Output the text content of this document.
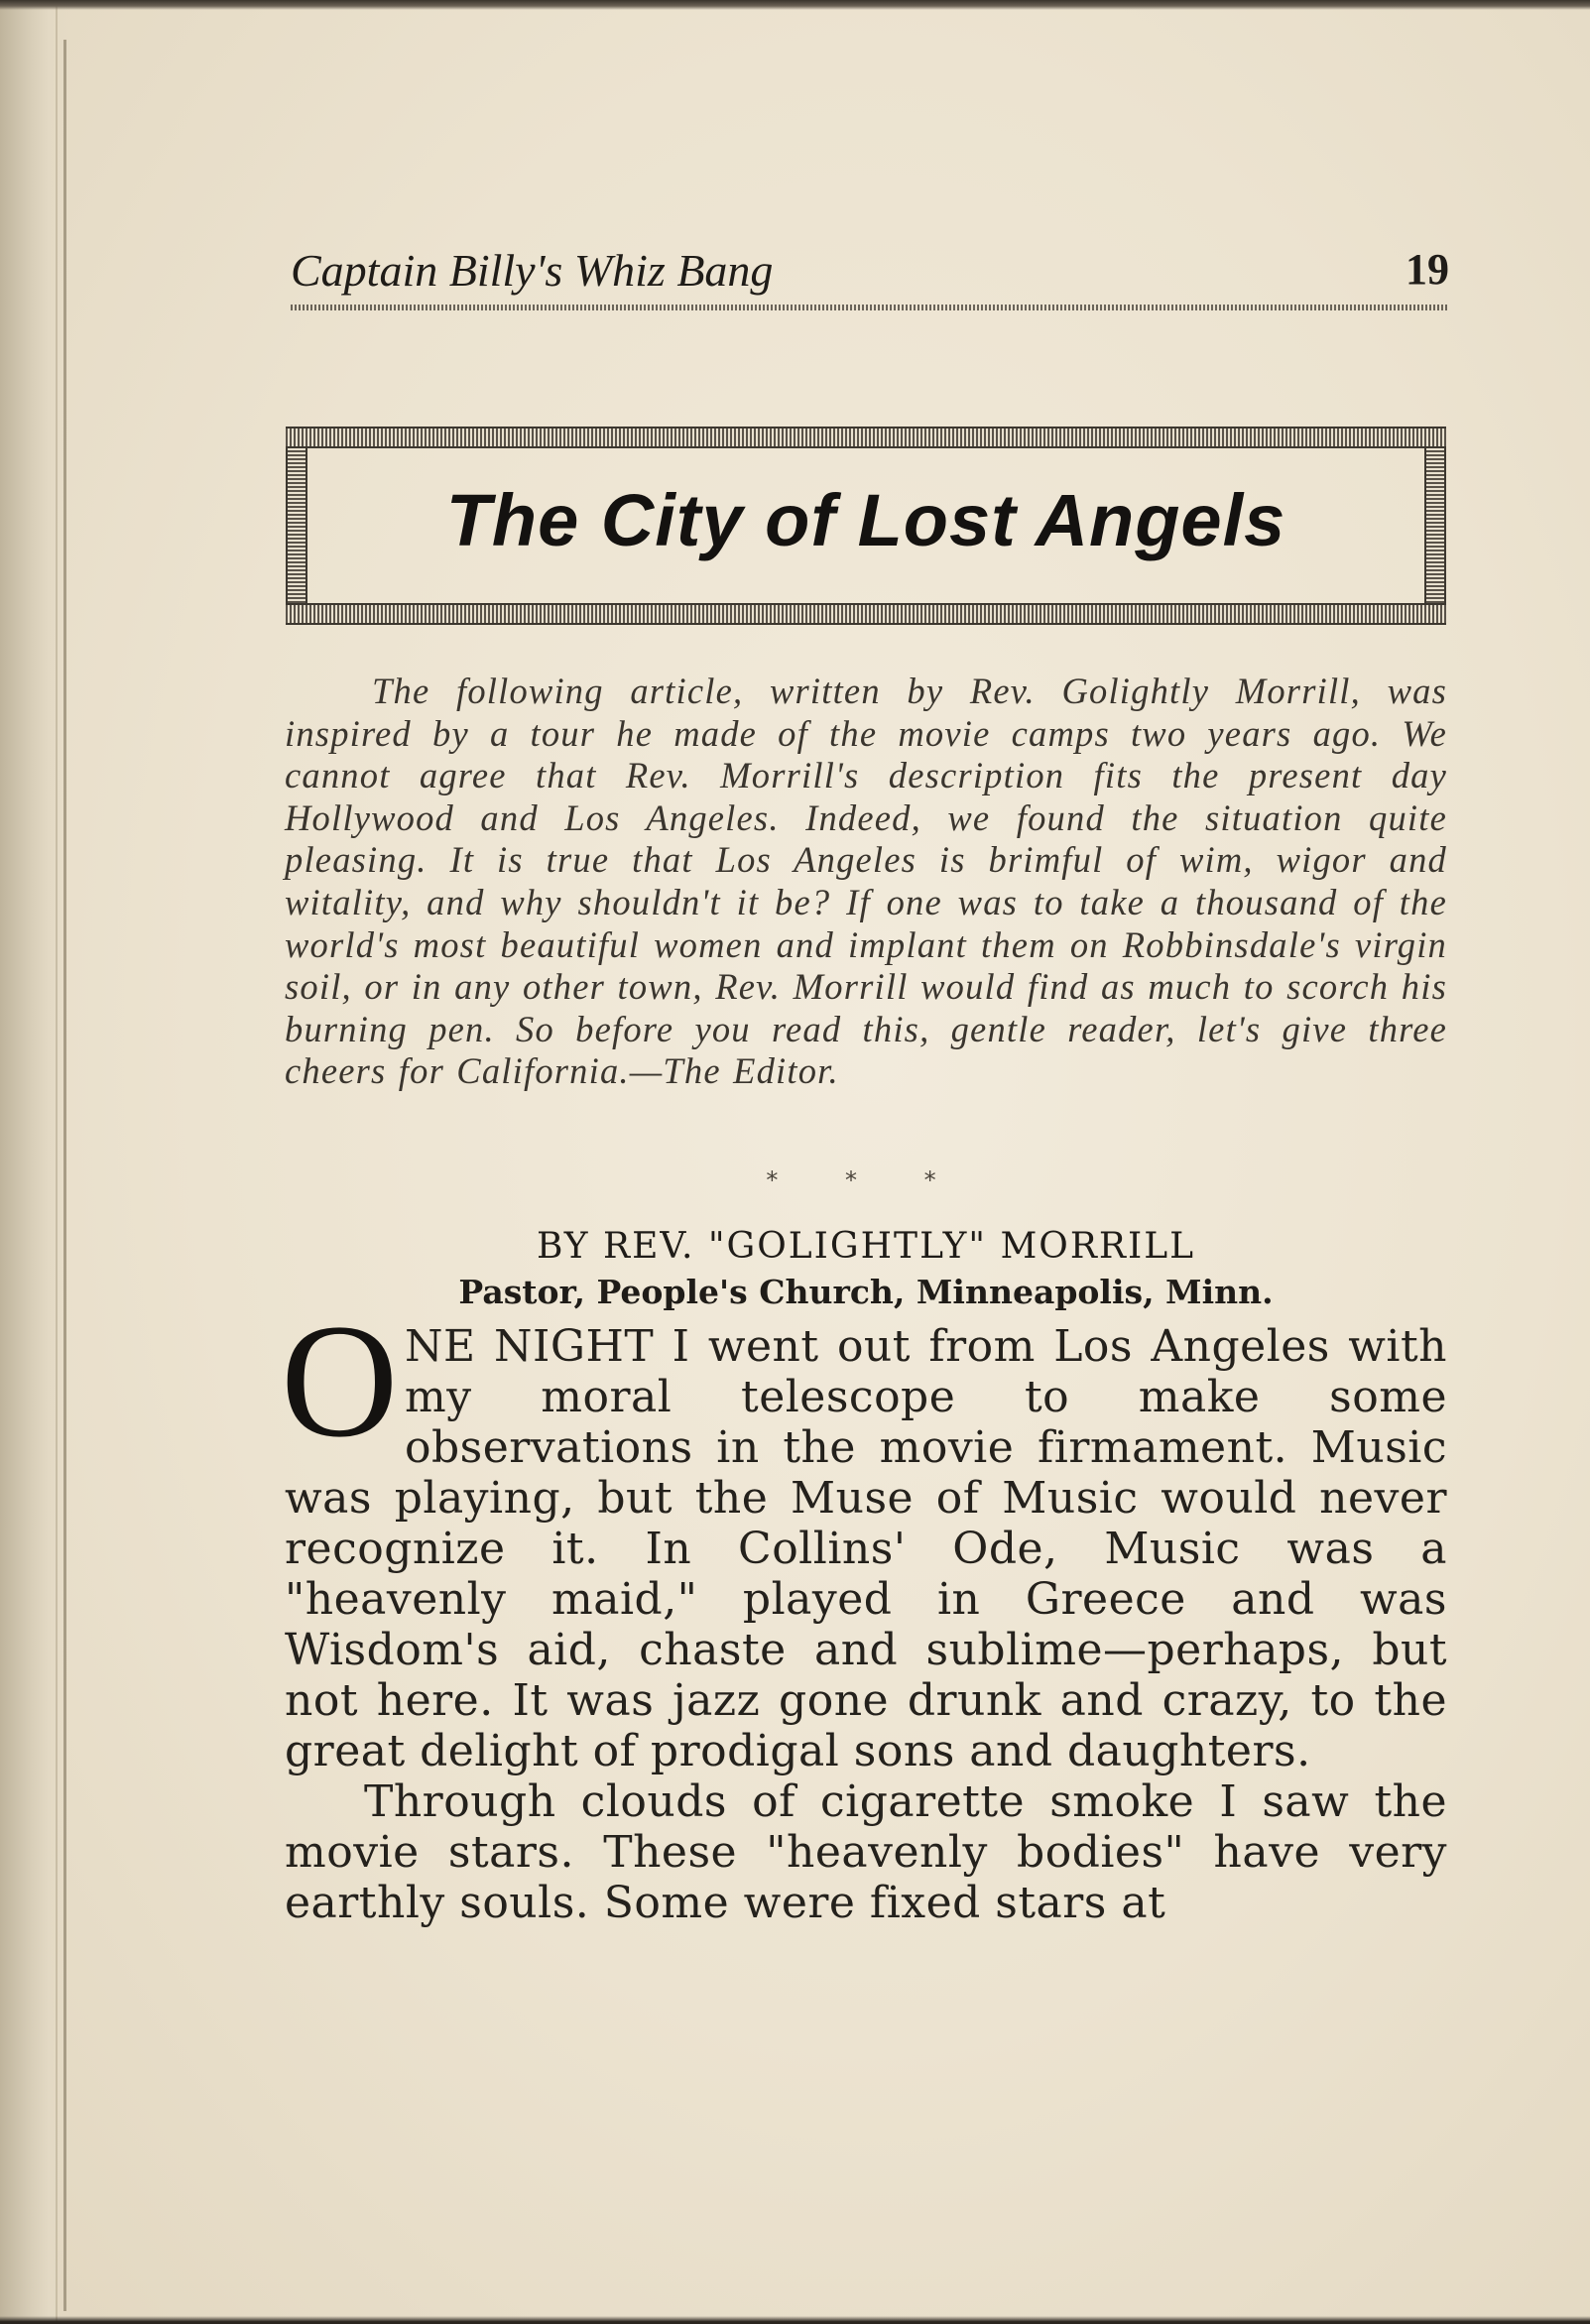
Captain Billy's Whiz Bang	19
The City of Lost Angels
The following article, written by Rev. Golightly Morrill, was inspired by a tour he made of the movie camps two years ago. We cannot agree that Rev. Morrill's description fits the present day Hollywood and Los Angeles. Indeed, we found the situation quite pleasing. It is true that Los Angeles is brimful of wim, wigor and witality, and why shouldn't it be? If one was to take a thousand of the world's most beautiful women and implant them on Robbinsdale's virgin soil, or in any other town, Rev. Morrill would find as much to scorch his burning pen. So before you read this, gentle reader, let's give three cheers for California.—The Editor.
* * *
BY REV. "GOLIGHTLY" MORRILL
Pastor, People's Church, Minneapolis, Minn.
O NE NIGHT I went out from Los Angeles with my moral telescope to make some observations in the movie firmament. Music was playing, but the Muse of Music would never recognize it. In Collins' Ode, Music was a "heavenly maid," played in Greece and was Wisdom's aid, chaste and sublime—perhaps, but not here. It was jazz gone drunk and crazy, to the great delight of prodigal sons and daughters.

Through clouds of cigarette smoke I saw the movie stars. These "heavenly bodies" have very earthly souls. Some were fixed stars at
